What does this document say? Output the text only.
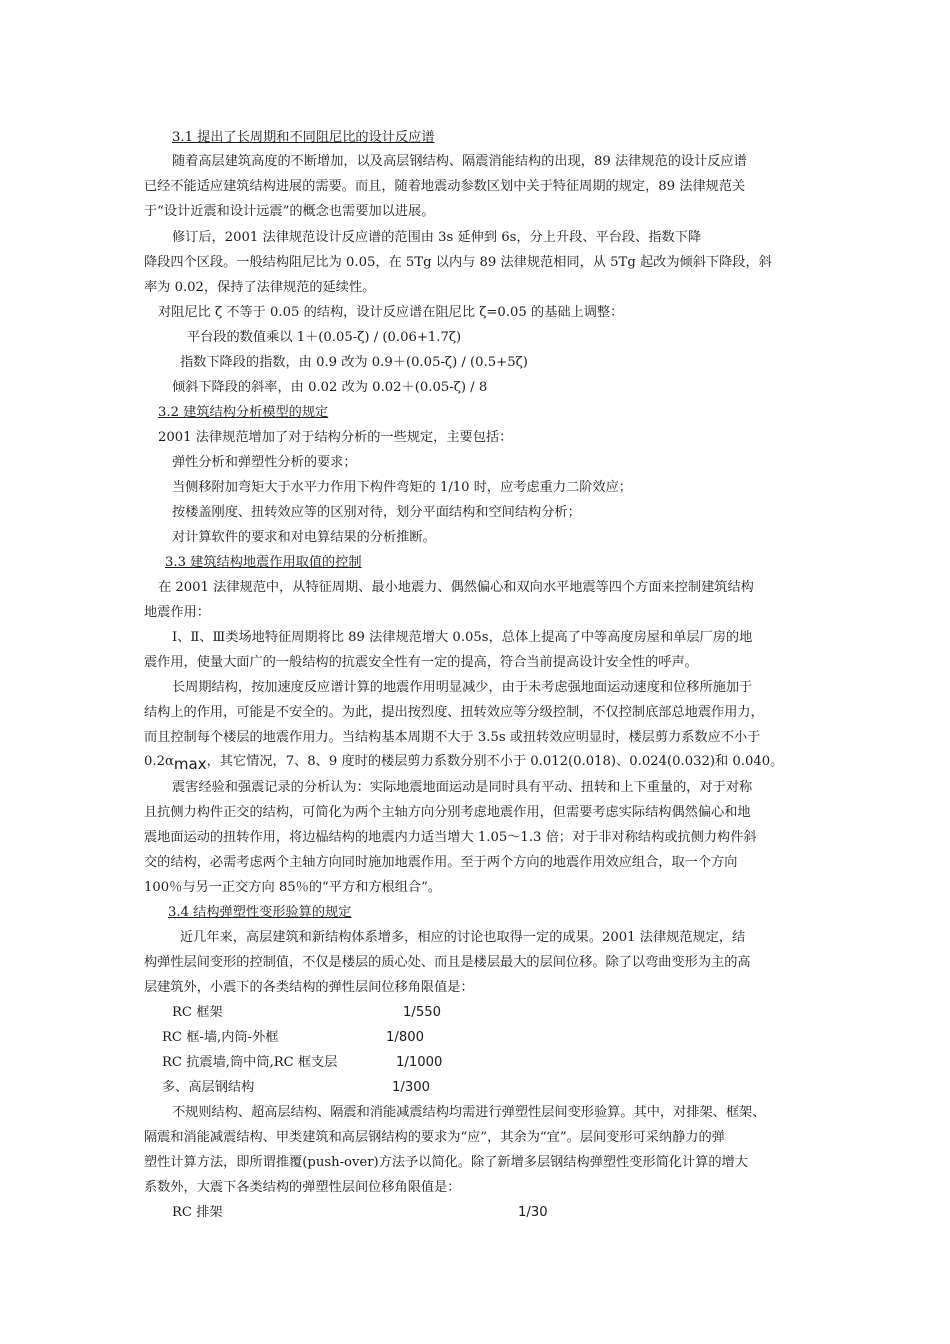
3.1 提出了长周期和不同阻尼比的设计反应谱

随着高层建筑高度的不断增加，以及高层钢结构、隔震消能结构的出现，89 法律规范的设计反应谱

已经不能适应建筑结构进展的需要。而且，随着地震动参数区划中关于特征周期的规定，89 法律规范关

于“设计近震和设计远震”的概念也需要加以进展。

修订后，2001 法律规范设计反应谱的范围由 3s 延伸到 6s，分上升段、平台段、指数下降

降段四个区段。一般结构阻尼比为 0.05，在 5Tg 以内与 89 法律规范相同，从 5Tg 起改为倾斜下降段，斜

率为 0.02，保持了法律规范的延续性。

对阻尼比 ζ 不等于 0.05 的结构，设计反应谱在阻尼比 ζ=0.05 的基础上调整：

平台段的数值乘以 1＋(0.05-ζ) / (0.06+1.7ζ)

指数下降段的指数，由 0.9 改为 0.9＋(0.05-ζ) / (0.5+5ζ)

倾斜下降段的斜率，由 0.02 改为 0.02＋(0.05-ζ) / 8

3.2 建筑结构分析模型的规定

2001 法律规范增加了对于结构分析的一些规定，主要包括：

弹性分析和弹塑性分析的要求；

当侧移附加弯矩大于水平力作用下构件弯矩的 1/10 时，应考虑重力二阶效应；

按楼盖刚度、扭转效应等的区别对待，划分平面结构和空间结构分析；

对计算软件的要求和对电算结果的分析推断。

3.3 建筑结构地震作用取值的控制

在 2001 法律规范中，从特征周期、最小地震力、偶然偏心和双向水平地震等四个方面来控制建筑结构

地震作用：

Ⅰ、Ⅱ、Ⅲ类场地特征周期将比 89 法律规范增大 0.05s，总体上提高了中等高度房屋和单层厂房的地

震作用，使量大面广的一般结构的抗震安全性有一定的提高，符合当前提高设计安全性的呼声。

长周期结构，按加速度反应谱计算的地震作用明显减少，由于未考虑强地面运动速度和位移所施加于

结构上的作用，可能是不安全的。为此，提出按烈度、扭转效应等分级控制，不仅控制底部总地震作用力，

而且控制每个楼层的地震作用力。当结构基本周期不大于 3.5s 或扭转效应明显时，楼层剪力系数应不小于

0.2αmax，其它情况，7、8、9 度时的楼层剪力系数分别不小于 0.012(0.018)、0.024(0.032)和 0.040。

震害经验和强震记录的分析认为：实际地震地面运动是同时具有平动、扭转和上下重量的，对于对称

且抗侧力构件正交的结构，可简化为两个主轴方向分别考虑地震作用，但需要考虑实际结构偶然偏心和地

震地面运动的扭转作用，将边榀结构的地震内力适当增大 1.05～1.3 倍；对于非对称结构或抗侧力构件斜

交的结构，必需考虑两个主轴方向同时施加地震作用。至于两个方向的地震作用效应组合，取一个方向

100％与另一正交方向 85％的“平方和方根组合”。

3.4 结构弹塑性变形验算的规定

近几年来，高层建筑和新结构体系增多，相应的讨论也取得一定的成果。2001 法律规范规定，结

构弹性层间变形的控制值，不仅是楼层的质心处、而且是楼层最大的层间位移。除了以弯曲变形为主的高

层建筑外，小震下的各类结构的弹性层间位移角限值是：

RC 框架	1/550

RC 框-墙,内筒-外框	1/800

RC 抗震墙,筒中筒,RC 框支层	1/1000

多、高层钢结构	1/300

不规则结构、超高层结构、隔震和消能减震结构均需进行弹塑性层间变形验算。其中，对排架、框架、

隔震和消能减震结构、甲类建筑和高层钢结构的要求为“应”，其余为“宜”。层间变形可采纳静力的弹

塑性计算方法，即所谓推覆(push-over)方法予以简化。除了新增多层钢结构弹塑性变形简化计算的增大

系数外，大震下各类结构的弹塑性层间位移角限值是：

RC 排架	1/30
